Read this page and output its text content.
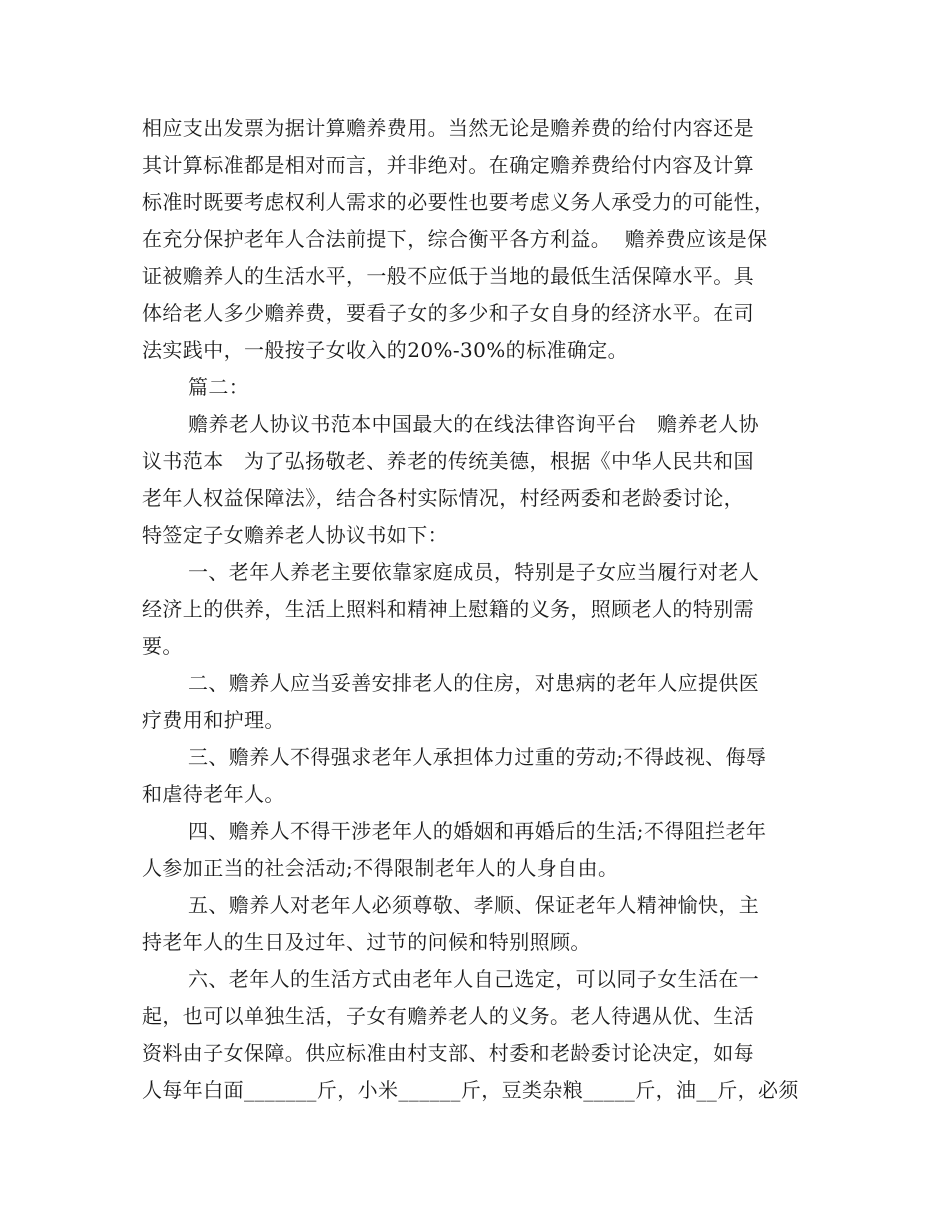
相应支出发票为据计算赡养费用。当然无论是赡养费的给付内容还是
其计算标准都是相对而言，并非绝对。在确定赡养费给付内容及计算
标准时既要考虑权利人需求的必要性也要考虑义务人承受力的可能性，
在充分保护老年人合法前提下，综合衡平各方利益。  赡养费应该是保
证被赡养人的生活水平，一般不应低于当地的最低生活保障水平。具
体给老人多少赡养费，要看子女的多少和子女自身的经济水平。在司
法实践中，一般按子女收入的20%-30%的标准确定。
篇二：
赡养老人协议书范本中国最大的在线法律咨询平台   赡养老人协
议书范本   为了弘扬敬老、养老的传统美德，根据《中华人民共和国
老年人权益保障法》，结合各村实际情况，村经两委和老龄委讨论，
特签定子女赡养老人协议书如下：
一、老年人养老主要依靠家庭成员，特别是子女应当履行对老人
经济上的供养，生活上照料和精神上慰籍的义务，照顾老人的特别需
要。
二、赡养人应当妥善安排老人的住房，对患病的老年人应提供医
疗费用和护理。
三、赡养人不得强求老年人承担体力过重的劳动;不得歧视、侮辱
和虐待老年人。
四、赡养人不得干涉老年人的婚姻和再婚后的生活;不得阻拦老年
人参加正当的社会活动;不得限制老年人的人身自由。
五、赡养人对老年人必须尊敬、孝顺、保证老年人精神愉快，主
持老年人的生日及过年、过节的问候和特别照顾。
六、老年人的生活方式由老年人自己选定，可以同子女生活在一
起，也可以单独生活，子女有赡养老人的义务。老人待遇从优、生活
资料由子女保障。供应标准由村支部、村委和老龄委讨论决定，如每
人每年白面_______斤，小米______斤，豆类杂粮_____斤，油__斤，必须
